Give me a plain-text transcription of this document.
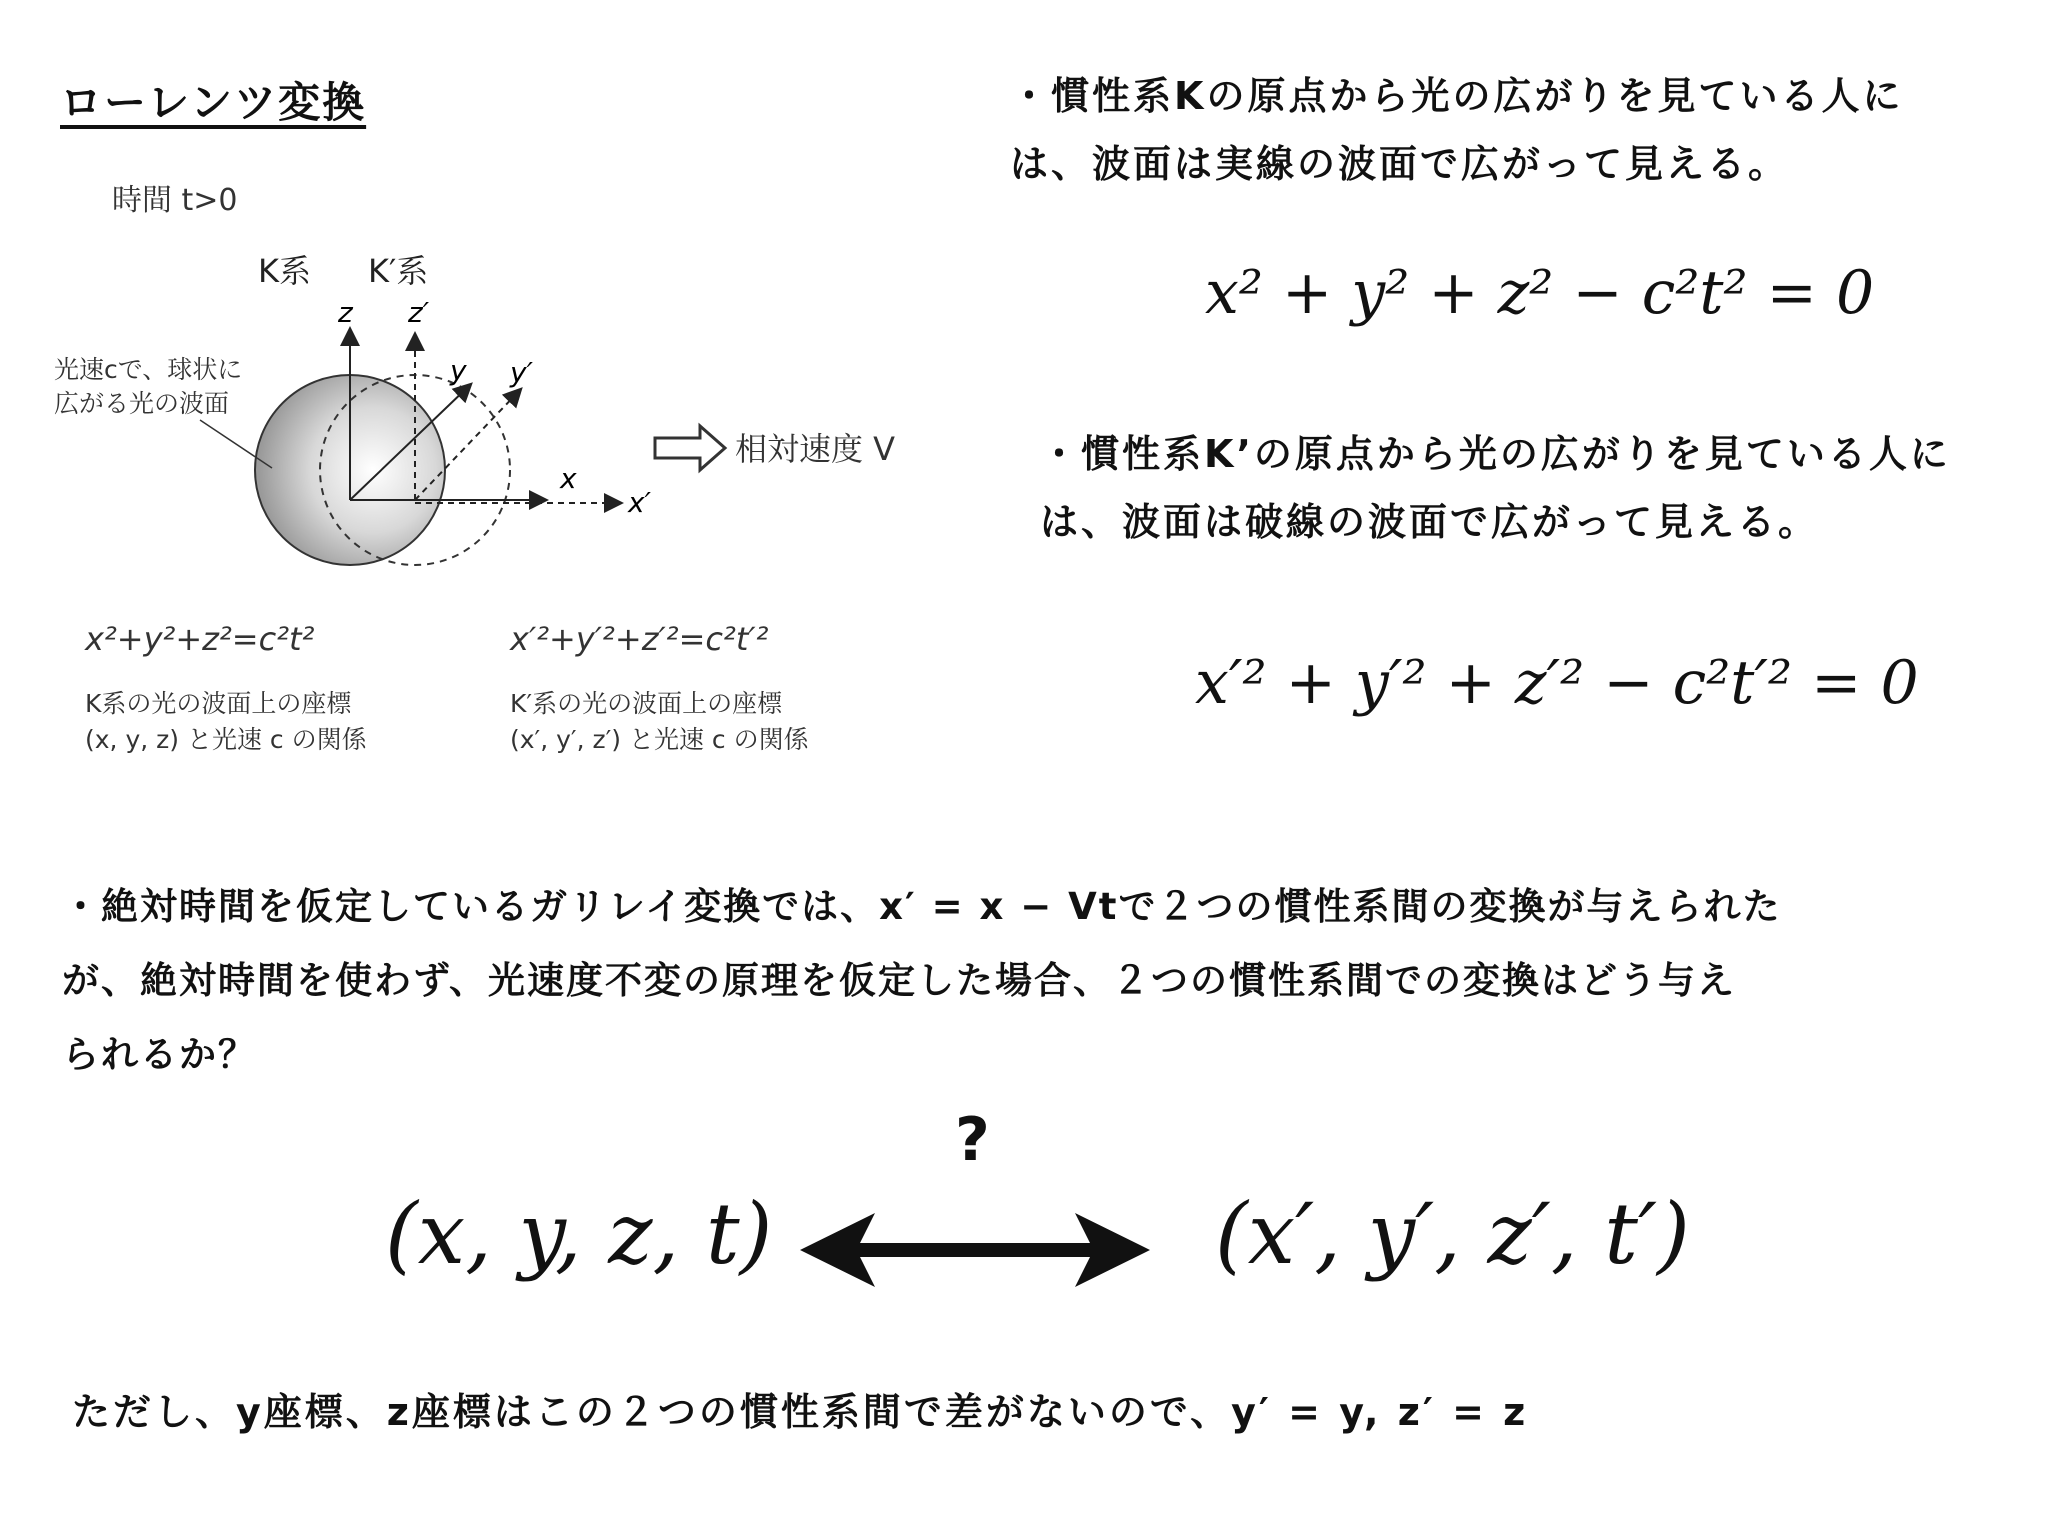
ローレンツ変換
時間 t>0
K系 K′系
z z′
y y′
x
x′
光速cで、球状に
広がる光の波面
相対速度 V
x²+y²+z²=c²t²	x′²+y′²+z′²=c²t′²
K系の光の波面上の座標
(x, y, z) と光速 c の関係
K′系の光の波面上の座標
(x′, y′, z′) と光速 c の関係
・慣性系Kの原点から光の広がりを見ている人に
は、波面は実線の波面で広がって見える。
x² + y² + z² − c²t² = 0
・慣性系K’の原点から光の広がりを見ている人に
は、波面は破線の波面で広がって見える。
x′² + y′² + z′² − c²t′² = 0
・絶対時間を仮定しているガリレイ変換では、x′ = x − Vtで２つの慣性系間の変換が与えられた
が、絶対時間を使わず、光速度不変の原理を仮定した場合、２つの慣性系間での変換はどう与え
られるか？
?
(x, y, z, t)	(x′, y′, z′, t′)
ただし、y座標、z座標はこの２つの慣性系間で差がないので、y′ = y, z′ = z
